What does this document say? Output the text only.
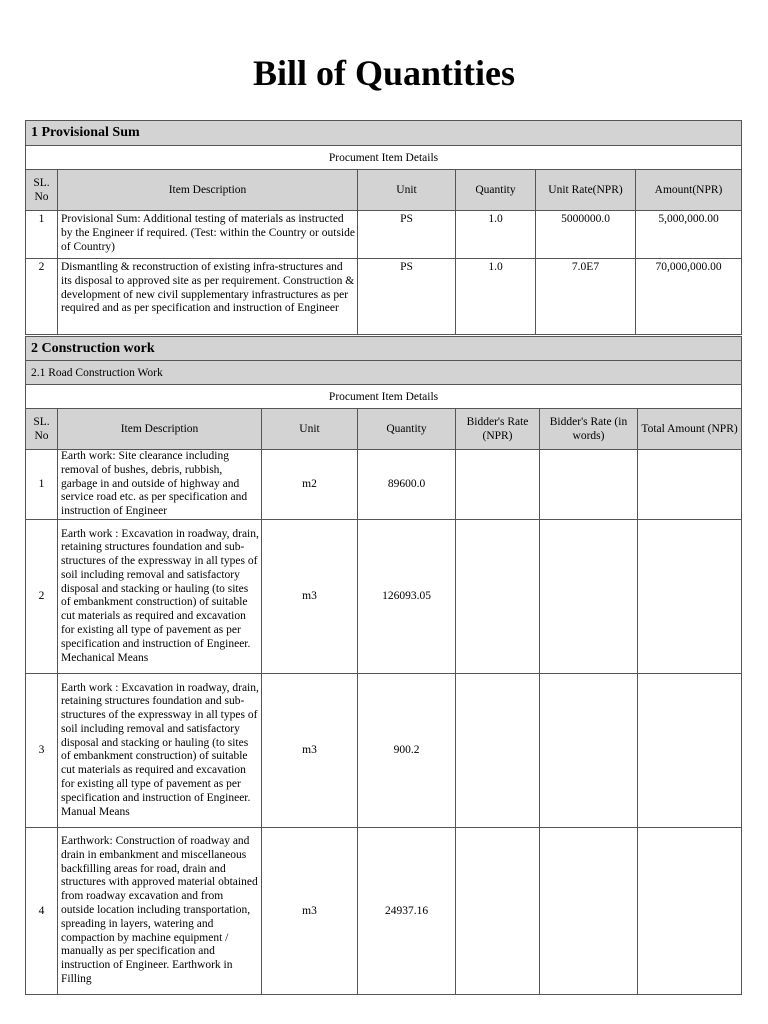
Bill of Quantities
1 Provisional Sum					
Procument Item Details					
SL. No	Item Description	Unit	Quantity	Unit Rate(NPR)	Amount(NPR)
1	Provisional Sum: Additional testing of materials as instructed by the Engineer if required. (Test: within the Country or outside of Country)	PS	1.0	5000000.0	5,000,000.00
2	Dismantling & reconstruction of existing infra-structures and its disposal to approved site as per requirement. Construction & development of new civil supplementary infrastructures as per required and as per specification and instruction of Engineer	PS	1.0	7.0E7	70,000,000.00
2 Construction work						
2.1 Road Construction Work						
Procument Item Details						
SL. No	Item Description	Unit	Quantity	Bidder's Rate (NPR)	Bidder's Rate (in words)	Total Amount (NPR)
1	Earth work: Site clearance including removal of bushes, debris, rubbish, garbage in and outside of highway and service road etc. as per specification and instruction of Engineer	m2	89600.0			
2	Earth work : Excavation in roadway, drain, retaining structures foundation and sub-structures of the expressway in all types of soil including removal and satisfactory disposal and stacking or hauling (to sites of embankment construction) of suitable cut materials as required and excavation for existing all type of pavement as per specification and instruction of Engineer. Mechanical Means	m3	126093.05			
3	Earth work : Excavation in roadway, drain, retaining structures foundation and sub-structures of the expressway in all types of soil including removal and satisfactory disposal and stacking or hauling (to sites of embankment construction) of suitable cut materials as required and excavation for existing all type of pavement as per specification and instruction of Engineer. Manual Means	m3	900.2			
4	Earthwork: Construction of roadway and drain in embankment and miscellaneous backfilling areas for road, drain and structures with approved material obtained from roadway excavation and from outside location including transportation, spreading in layers, watering and compaction by machine equipment / manually as per specification and instruction of Engineer. Earthwork in Filling	m3	24937.16			
